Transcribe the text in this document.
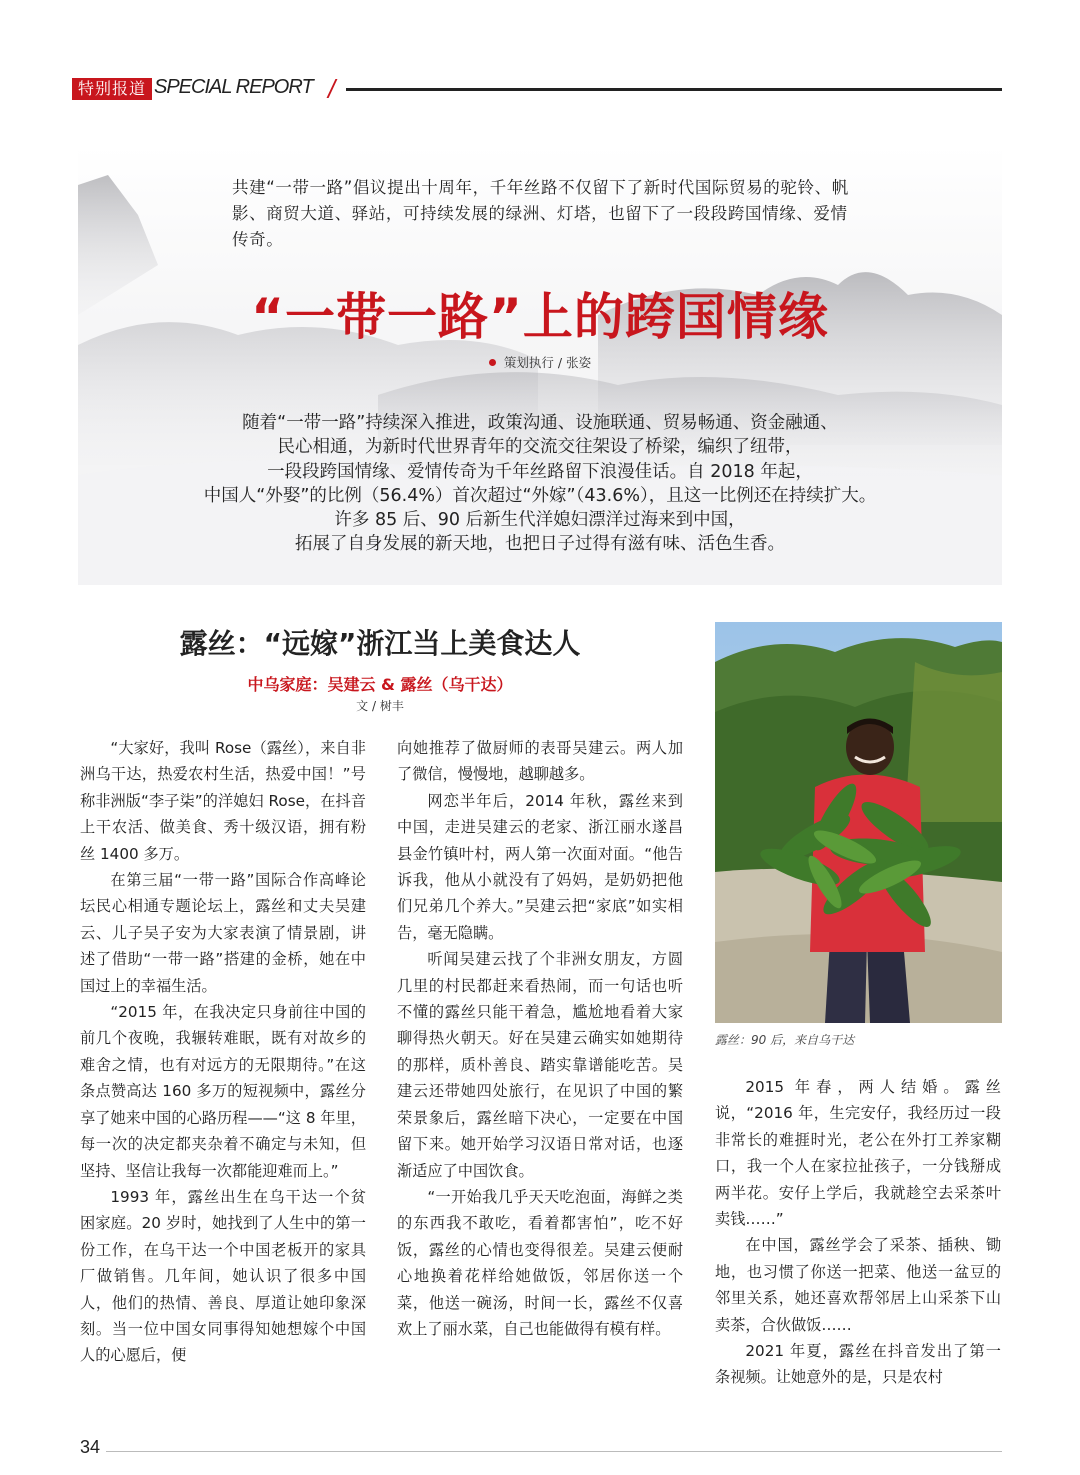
特别报道 SPECIAL REPORT /
共建“一带一路”倡议提出十周年，千年丝路不仅留下了新时代国际贸易的驼铃、帆影、商贸大道、驿站，可持续发展的绿洲、灯塔，也留下了一段段跨国情缘、爱情传奇。
“一带一路”上的跨国情缘
策划执行 / 张姿
随着“一带一路”持续深入推进，政策沟通、设施联通、贸易畅通、资金融通、
民心相通，为新时代世界青年的交流交往架设了桥梁，编织了纽带，
一段段跨国情缘、爱情传奇为千年丝路留下浪漫佳话。自 2018 年起，
中国人“外娶”的比例（56.4%）首次超过“外嫁”（43.6%），且这一比例还在持续扩大。
许多 85 后、90 后新生代洋媳妇漂洋过海来到中国，
拓展了自身发展的新天地，也把日子过得有滋有味、活色生香。
露丝：“远嫁”浙江当上美食达人
中乌家庭：吴建云 & 露丝（乌干达）
文 / 树丰

“大家好，我叫 Rose（露丝），来自非洲乌干达，热爱农村生活，热爱中国！”号称非洲版“李子柒”的洋媳妇 Rose，在抖音上干农活、做美食、秀十级汉语，拥有粉丝 1400 多万。

在第三届“一带一路”国际合作高峰论坛民心相通专题论坛上，露丝和丈夫吴建云、儿子吴子安为大家表演了情景剧，讲述了借助“一带一路”搭建的金桥，她在中国过上的幸福生活。

“2015 年，在我决定只身前往中国的前几个夜晚，我辗转难眠，既有对故乡的难舍之情，也有对远方的无限期待。”在这条点赞高达 160 多万的短视频中，露丝分享了她来中国的心路历程——“这 8 年里，每一次的决定都夹杂着不确定与未知，但坚持、坚信让我每一次都能迎难而上。”

1993 年，露丝出生在乌干达一个贫困家庭。20 岁时，她找到了人生中的第一份工作，在乌干达一个中国老板开的家具厂做销售。几年间，她认识了很多中国人，他们的热情、善良、厚道让她印象深刻。当一位中国女同事得知她想嫁个中国人的心愿后，便

向她推荐了做厨师的表哥吴建云。两人加了微信，慢慢地，越聊越多。

网恋半年后，2014 年秋，露丝来到中国，走进吴建云的老家、浙江丽水遂昌县金竹镇叶村，两人第一次面对面。“他告诉我，他从小就没有了妈妈，是奶奶把他们兄弟几个养大。”吴建云把“家底”如实相告，毫无隐瞒。

听闻吴建云找了个非洲女朋友，方圆几里的村民都赶来看热闹，而一句话也听不懂的露丝只能干着急，尴尬地看着大家聊得热火朝天。好在吴建云确实如她期待的那样，质朴善良、踏实靠谱能吃苦。吴建云还带她四处旅行，在见识了中国的繁荣景象后，露丝暗下决心，一定要在中国留下来。她开始学习汉语日常对话，也逐渐适应了中国饮食。

“一开始我几乎天天吃泡面，海鲜之类的东西我不敢吃，看着都害怕”，吃不好饭，露丝的心情也变得很差。吴建云便耐心地换着花样给她做饭，邻居你送一个菜，他送一碗汤，时间一长，露丝不仅喜欢上了丽水菜，自己也能做得有模有样。

露丝：90 后，来自乌干达

2015 年春，两人结婚。露丝说，“2016 年，生完安仔，我经历过一段非常长的难捱时光，老公在外打工养家糊口，我一个人在家拉扯孩子，一分钱掰成两半花。安仔上学后，我就趁空去采茶叶卖钱……”

在中国，露丝学会了采茶、插秧、锄地，也习惯了你送一把菜、他送一盆豆的邻里关系，她还喜欢帮邻居上山采茶下山卖茶，合伙做饭……

2021 年夏，露丝在抖音发出了第一条视频。让她意外的是，只是农村

34
